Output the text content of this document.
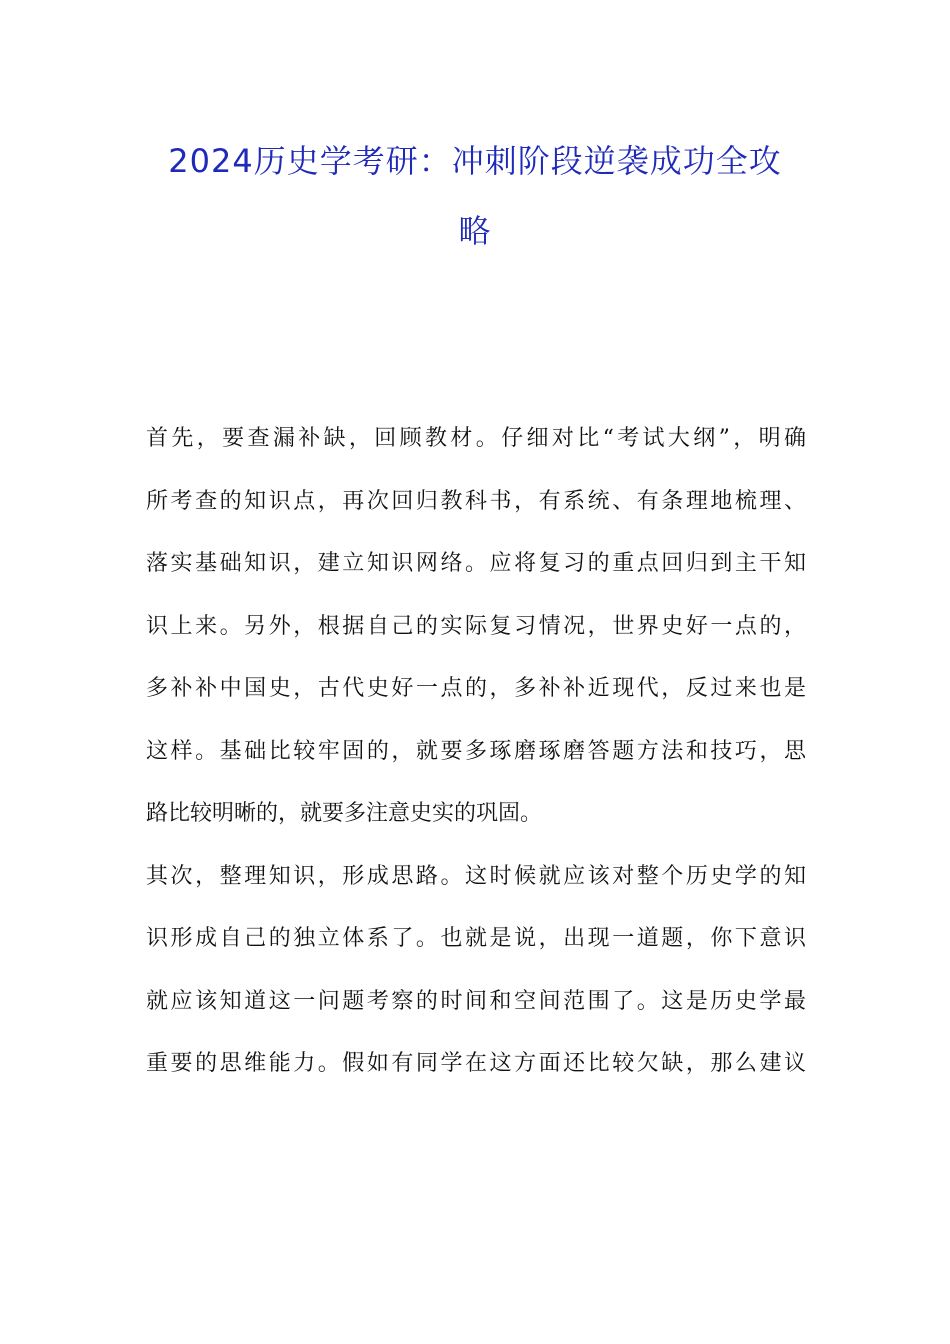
2024历史学考研：冲刺阶段逆袭成功全攻
略
首先，要查漏补缺，回顾教材。仔细对比“考试大纲”，明确
所考查的知识点，再次回归教科书，有系统、有条理地梳理、
落实基础知识，建立知识网络。应将复习的重点回归到主干知
识上来。另外，根据自己的实际复习情况，世界史好一点的，
多补补中国史，古代史好一点的，多补补近现代，反过来也是
这样。基础比较牢固的，就要多琢磨琢磨答题方法和技巧，思
路比较明晰的，就要多注意史实的巩固。
其次，整理知识，形成思路。这时候就应该对整个历史学的知
识形成自己的独立体系了。也就是说，出现一道题，你下意识
就应该知道这一问题考察的时间和空间范围了。这是历史学最
重要的思维能力。假如有同学在这方面还比较欠缺，那么建议
